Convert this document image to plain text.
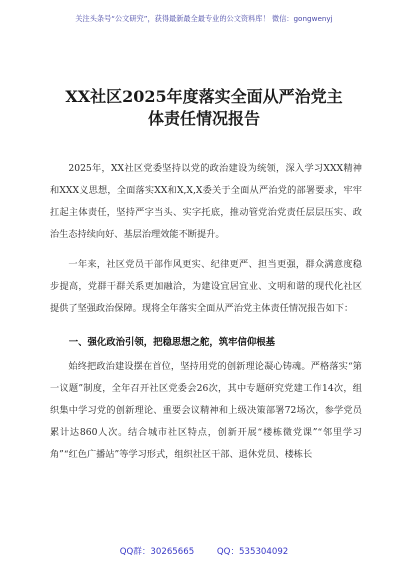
关注头条号“公文研究”，获得最新最全最专业的公文资料库！ 微信：gongwenyj
XX社区2025年度落实全面从严治党主
体责任情况报告

2025年，XX社区党委坚持以党的政治建设为统领，深入学习XXX精神和XXX义思想，全面落实XX和X,X,X委关于全面从严治党的部署要求，牢牢扛起主体责任，坚持严字当头、实字托底，推动管党治党责任层层压实、政治生态持续向好、基层治理效能不断提升。

一年来，社区党员干部作风更实、纪律更严、担当更强，群众满意度稳步提高，党群干群关系更加融洽，为建设宜居宜业、文明和谐的现代化社区提供了坚强政治保障。现将全年落实全面从严治党主体责任情况报告如下：

一、强化政治引领，把稳思想之舵，筑牢信仰根基

始终把政治建设摆在首位，坚持用党的创新理论凝心铸魂。严格落实“第一议题”制度，全年召开社区党委会26次，其中专题研究党建工作14次，组织集中学习党的创新理论、重要会议精神和上级决策部署72场次，参学党员累计达860人次。结合城市社区特点，创新开展“楼栋微党课”“邻里学习角”“红色广播站”等学习形式，组织社区干部、退休党员、楼栋长

QQ群：30265665	QQ：535304092
